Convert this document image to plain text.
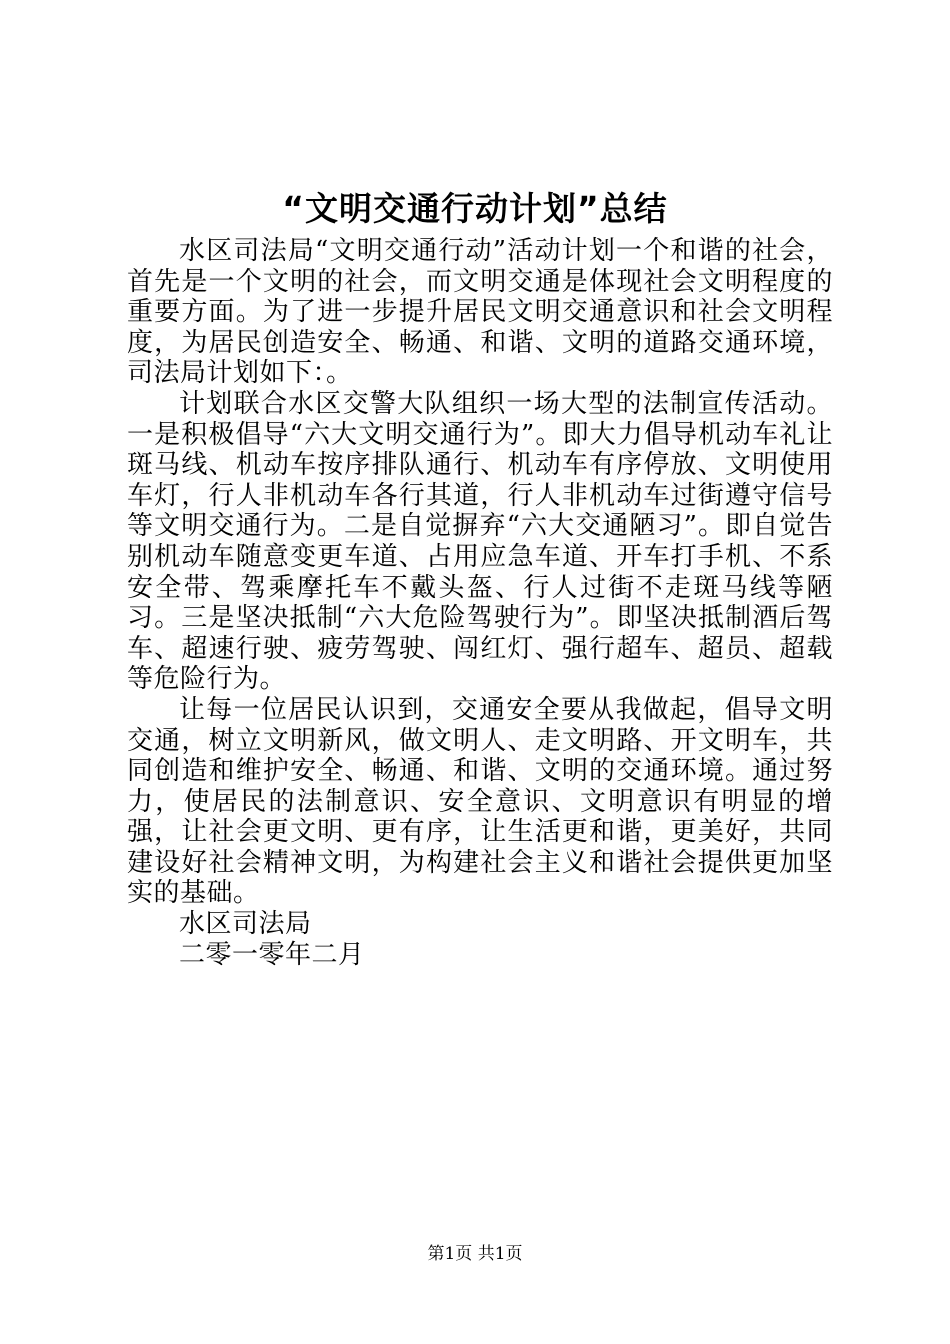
“文明交通行动计划”总结

水区司法局“文明交通行动”活动计划一个和谐的社会，首先是一个文明的社会，而文明交通是体现社会文明程度的重要方面。为了进一步提升居民文明交通意识和社会文明程度，为居民创造安全、畅通、和谐、文明的道路交通环境，司法局计划如下：。

计划联合水区交警大队组织一场大型的法制宣传活动。一是积极倡导“六大文明交通行为”。即大力倡导机动车礼让斑马线、机动车按序排队通行、机动车有序停放、文明使用车灯，行人非机动车各行其道，行人非机动车过街遵守信号等文明交通行为。二是自觉摒弃“六大交通陋习”。即自觉告别机动车随意变更车道、占用应急车道、开车打手机、不系安全带、驾乘摩托车不戴头盔、行人过街不走斑马线等陋习。三是坚决抵制“六大危险驾驶行为”。即坚决抵制酒后驾车、超速行驶、疲劳驾驶、闯红灯、强行超车、超员、超载等危险行为。

让每一位居民认识到，交通安全要从我做起，倡导文明交通，树立文明新风，做文明人、走文明路、开文明车，共同创造和维护安全、畅通、和谐、文明的交通环境。通过努力，使居民的法制意识、安全意识、文明意识有明显的增强，让社会更文明、更有序，让生活更和谐，更美好，共同建设好社会精神文明，为构建社会主义和谐社会提供更加坚实的基础。

水区司法局

二零一零年二月

第1页 共1页
